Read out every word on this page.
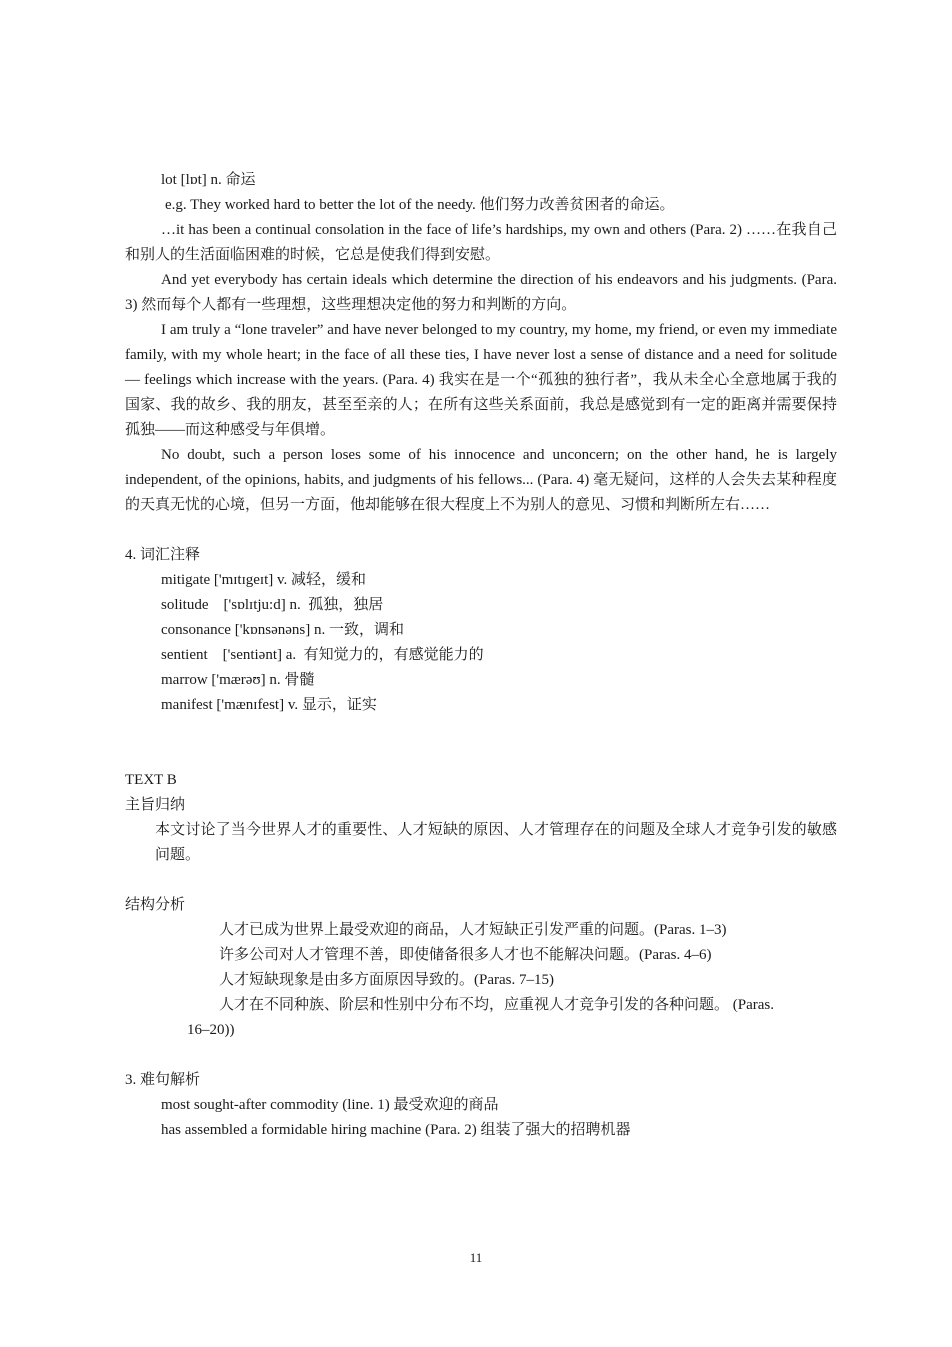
lot [lɒt] n. 命运

e.g. They worked hard to better the lot of the needy. 他们努力改善贫困者的命运。

…it has been a continual consolation in the face of life’s hardships, my own and others (Para. 2) ……在我自己和别人的生活面临困难的时候，它总是使我们得到安慰。

And yet everybody has certain ideals which determine the direction of his endeavors and his judgments. (Para. 3) 然而每个人都有一些理想，这些理想决定他的努力和判断的方向。

I am truly a “lone traveler” and have never belonged to my country, my home, my friend, or even my immediate family, with my whole heart; in the face of all these ties, I have never lost a sense of distance and a need for solitude — feelings which increase with the years. (Para. 4) 我实在是一个“孤独的独行者”，我从未全心全意地属于我的国家、我的故乡、我的朋友，甚至至亲的人；在所有这些关系面前，我总是感觉到有一定的距离并需要保持孤独——而这种感受与年俱增。

No doubt, such a person loses some of his innocence and unconcern; on the other hand, he is largely independent, of the opinions, habits, and judgments of his fellows... (Para. 4) 毫无疑问，这样的人会失去某种程度的天真无忧的心境，但另一方面，他却能够在很大程度上不为别人的意见、习惯和判断所左右……

4. 词汇注释

mitigate ['mɪtɪgeɪt] v. 减轻，缓和

solitude    ['sɒlɪtju:d] n.  孤独，独居

consonance ['kɒnsənəns] n. 一致，调和

sentient    ['sentiənt] a.  有知觉力的，有感觉能力的

marrow ['mærəʊ] n. 骨髓

manifest ['mænɪfest] v. 显示，证实

TEXT B

主旨归纳

本文讨论了当今世界人才的重要性、人才短缺的原因、人才管理存在的问题及全球人才竞争引发的敏感问题。

结构分析

人才已成为世界上最受欢迎的商品，人才短缺正引发严重的问题。(Paras. 1–3)

许多公司对人才管理不善，即使储备很多人才也不能解决问题。(Paras. 4–6)

人才短缺现象是由多方面原因导致的。(Paras. 7–15)

人才在不同种族、阶层和性别中分布不均，应重视人才竞争引发的各种问题。 (Paras.

16–20))

3. 难句解析

most sought-after commodity (line. 1) 最受欢迎的商品

has assembled a formidable hiring machine (Para. 2) 组装了强大的招聘机器

11
